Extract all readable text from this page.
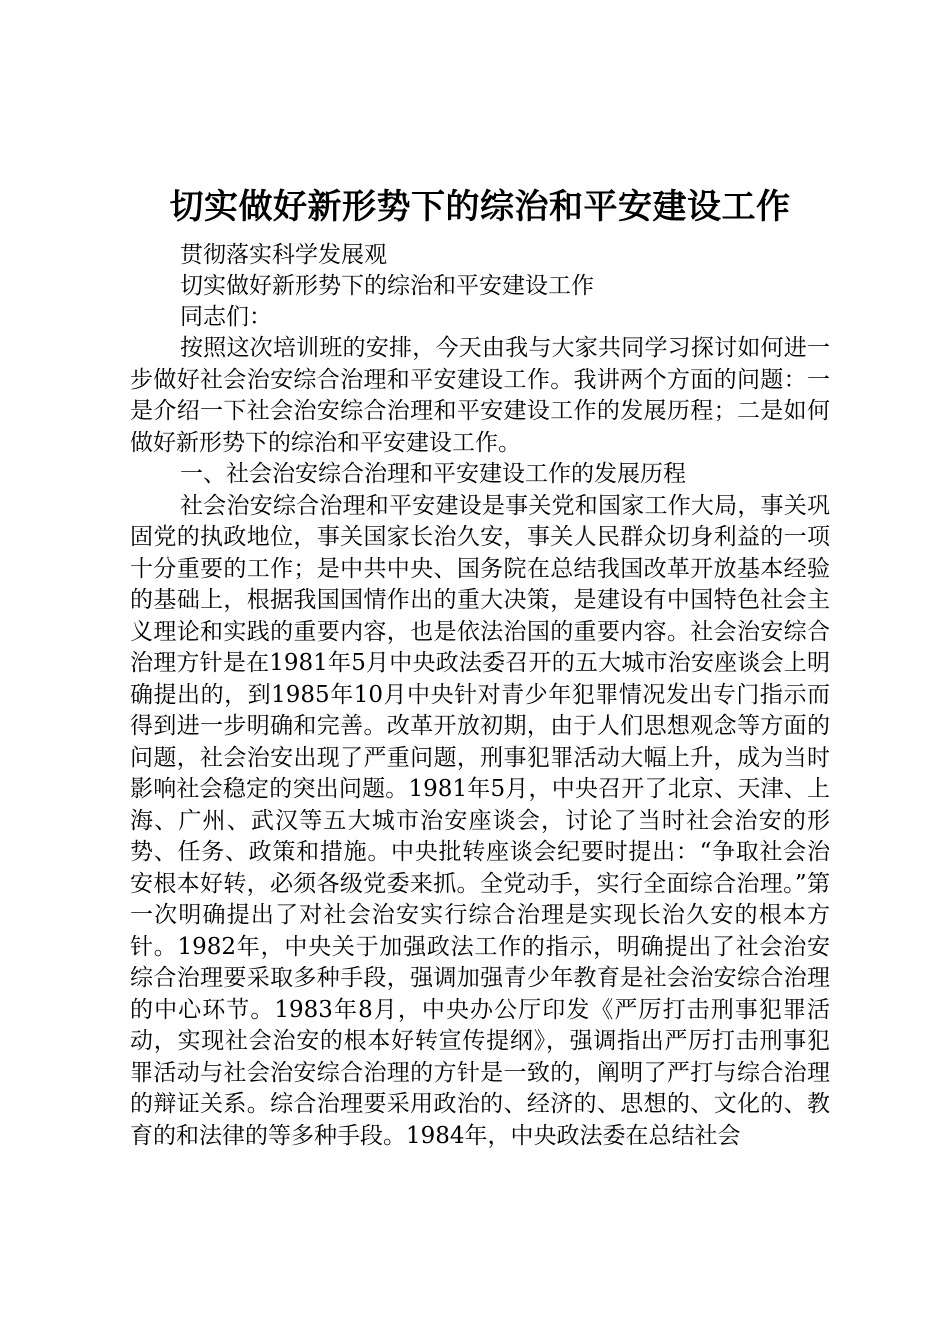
切实做好新形势下的综治和平安建设工作

贯彻落实科学发展观

切实做好新形势下的综治和平安建设工作

同志们：

按照这次培训班的安排，今天由我与大家共同学习探讨如何进一步做好社会治安综合治理和平安建设工作。我讲两个方面的问题：一是介绍一下社会治安综合治理和平安建设工作的发展历程；二是如何做好新形势下的综治和平安建设工作。

一、社会治安综合治理和平安建设工作的发展历程

社会治安综合治理和平安建设是事关党和国家工作大局，事关巩固党的执政地位，事关国家长治久安，事关人民群众切身利益的一项十分重要的工作；是中共中央、国务院在总结我国改革开放基本经验的基础上，根据我国国情作出的重大决策，是建设有中国特色社会主义理论和实践的重要内容，也是依法治国的重要内容。社会治安综合治理方针是在1981年5月中央政法委召开的五大城市治安座谈会上明确提出的，到1985年10月中央针对青少年犯罪情况发出专门指示而得到进一步明确和完善。改革开放初期，由于人们思想观念等方面的问题，社会治安出现了严重问题，刑事犯罪活动大幅上升，成为当时影响社会稳定的突出问题。1981年5月，中央召开了北京、天津、上海、广州、武汉等五大城市治安座谈会，讨论了当时社会治安的形势、任务、政策和措施。中央批转座谈会纪要时提出：“争取社会治安根本好转，必须各级党委来抓。全党动手，实行全面综合治理。”第一次明确提出了对社会治安实行综合治理是实现长治久安的根本方针。1982年，中央关于加强政法工作的指示，明确提出了社会治安综合治理要采取多种手段，强调加强青少年教育是社会治安综合治理的中心环节。1983年8月，中央办公厅印发《严厉打击刑事犯罪活动，实现社会治安的根本好转宣传提纲》，强调指出严厉打击刑事犯罪活动与社会治安综合治理的方针是一致的，阐明了严打与综合治理的辩证关系。综合治理要采用政治的、经济的、思想的、文化的、教育的和法律的等多种手段。1984年，中央政法委在总结社会
